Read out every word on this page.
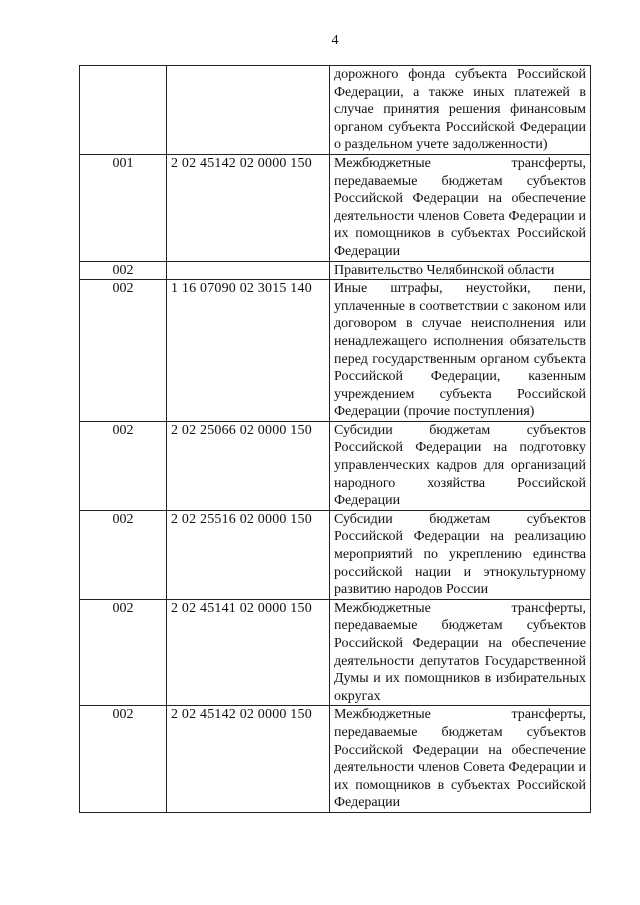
4
		дорожного фонда субъекта Российской Федерации, а также иных платежей в случае принятия решения финансовым органом субъекта Российской Федерации о раздельном учете задолженности)
001	2 02 45142 02 0000 150	Межбюджетные трансферты, передаваемые бюджетам субъектов Российской Федерации на обеспечение деятельности членов Совета Федерации и их помощников в субъектах Российской Федерации
002		Правительство Челябинской области
002	1 16 07090 02 3015 140	Иные штрафы, неустойки, пени, уплаченные в соответствии с законом или договором в случае неисполнения или ненадлежащего исполнения обязательств перед государственным органом субъекта Российской Федерации, казенным учреждением субъекта Российской Федерации (прочие поступления)
002	2 02 25066 02 0000 150	Субсидии бюджетам субъектов Российской Федерации на подготовку управленческих кадров для организаций народного хозяйства Российской Федерации
002	2 02 25516 02 0000 150	Субсидии бюджетам субъектов Российской Федерации на реализацию мероприятий по укреплению единства российской нации и этнокультурному развитию народов России
002	2 02 45141 02 0000 150	Межбюджетные трансферты, передаваемые бюджетам субъектов Российской Федерации на обеспечение деятельности депутатов Государственной Думы и их помощников в избирательных округах
002	2 02 45142 02 0000 150	Межбюджетные трансферты, передаваемые бюджетам субъектов Российской Федерации на обеспечение деятельности членов Совета Федерации и их помощников в субъектах Российской Федерации
